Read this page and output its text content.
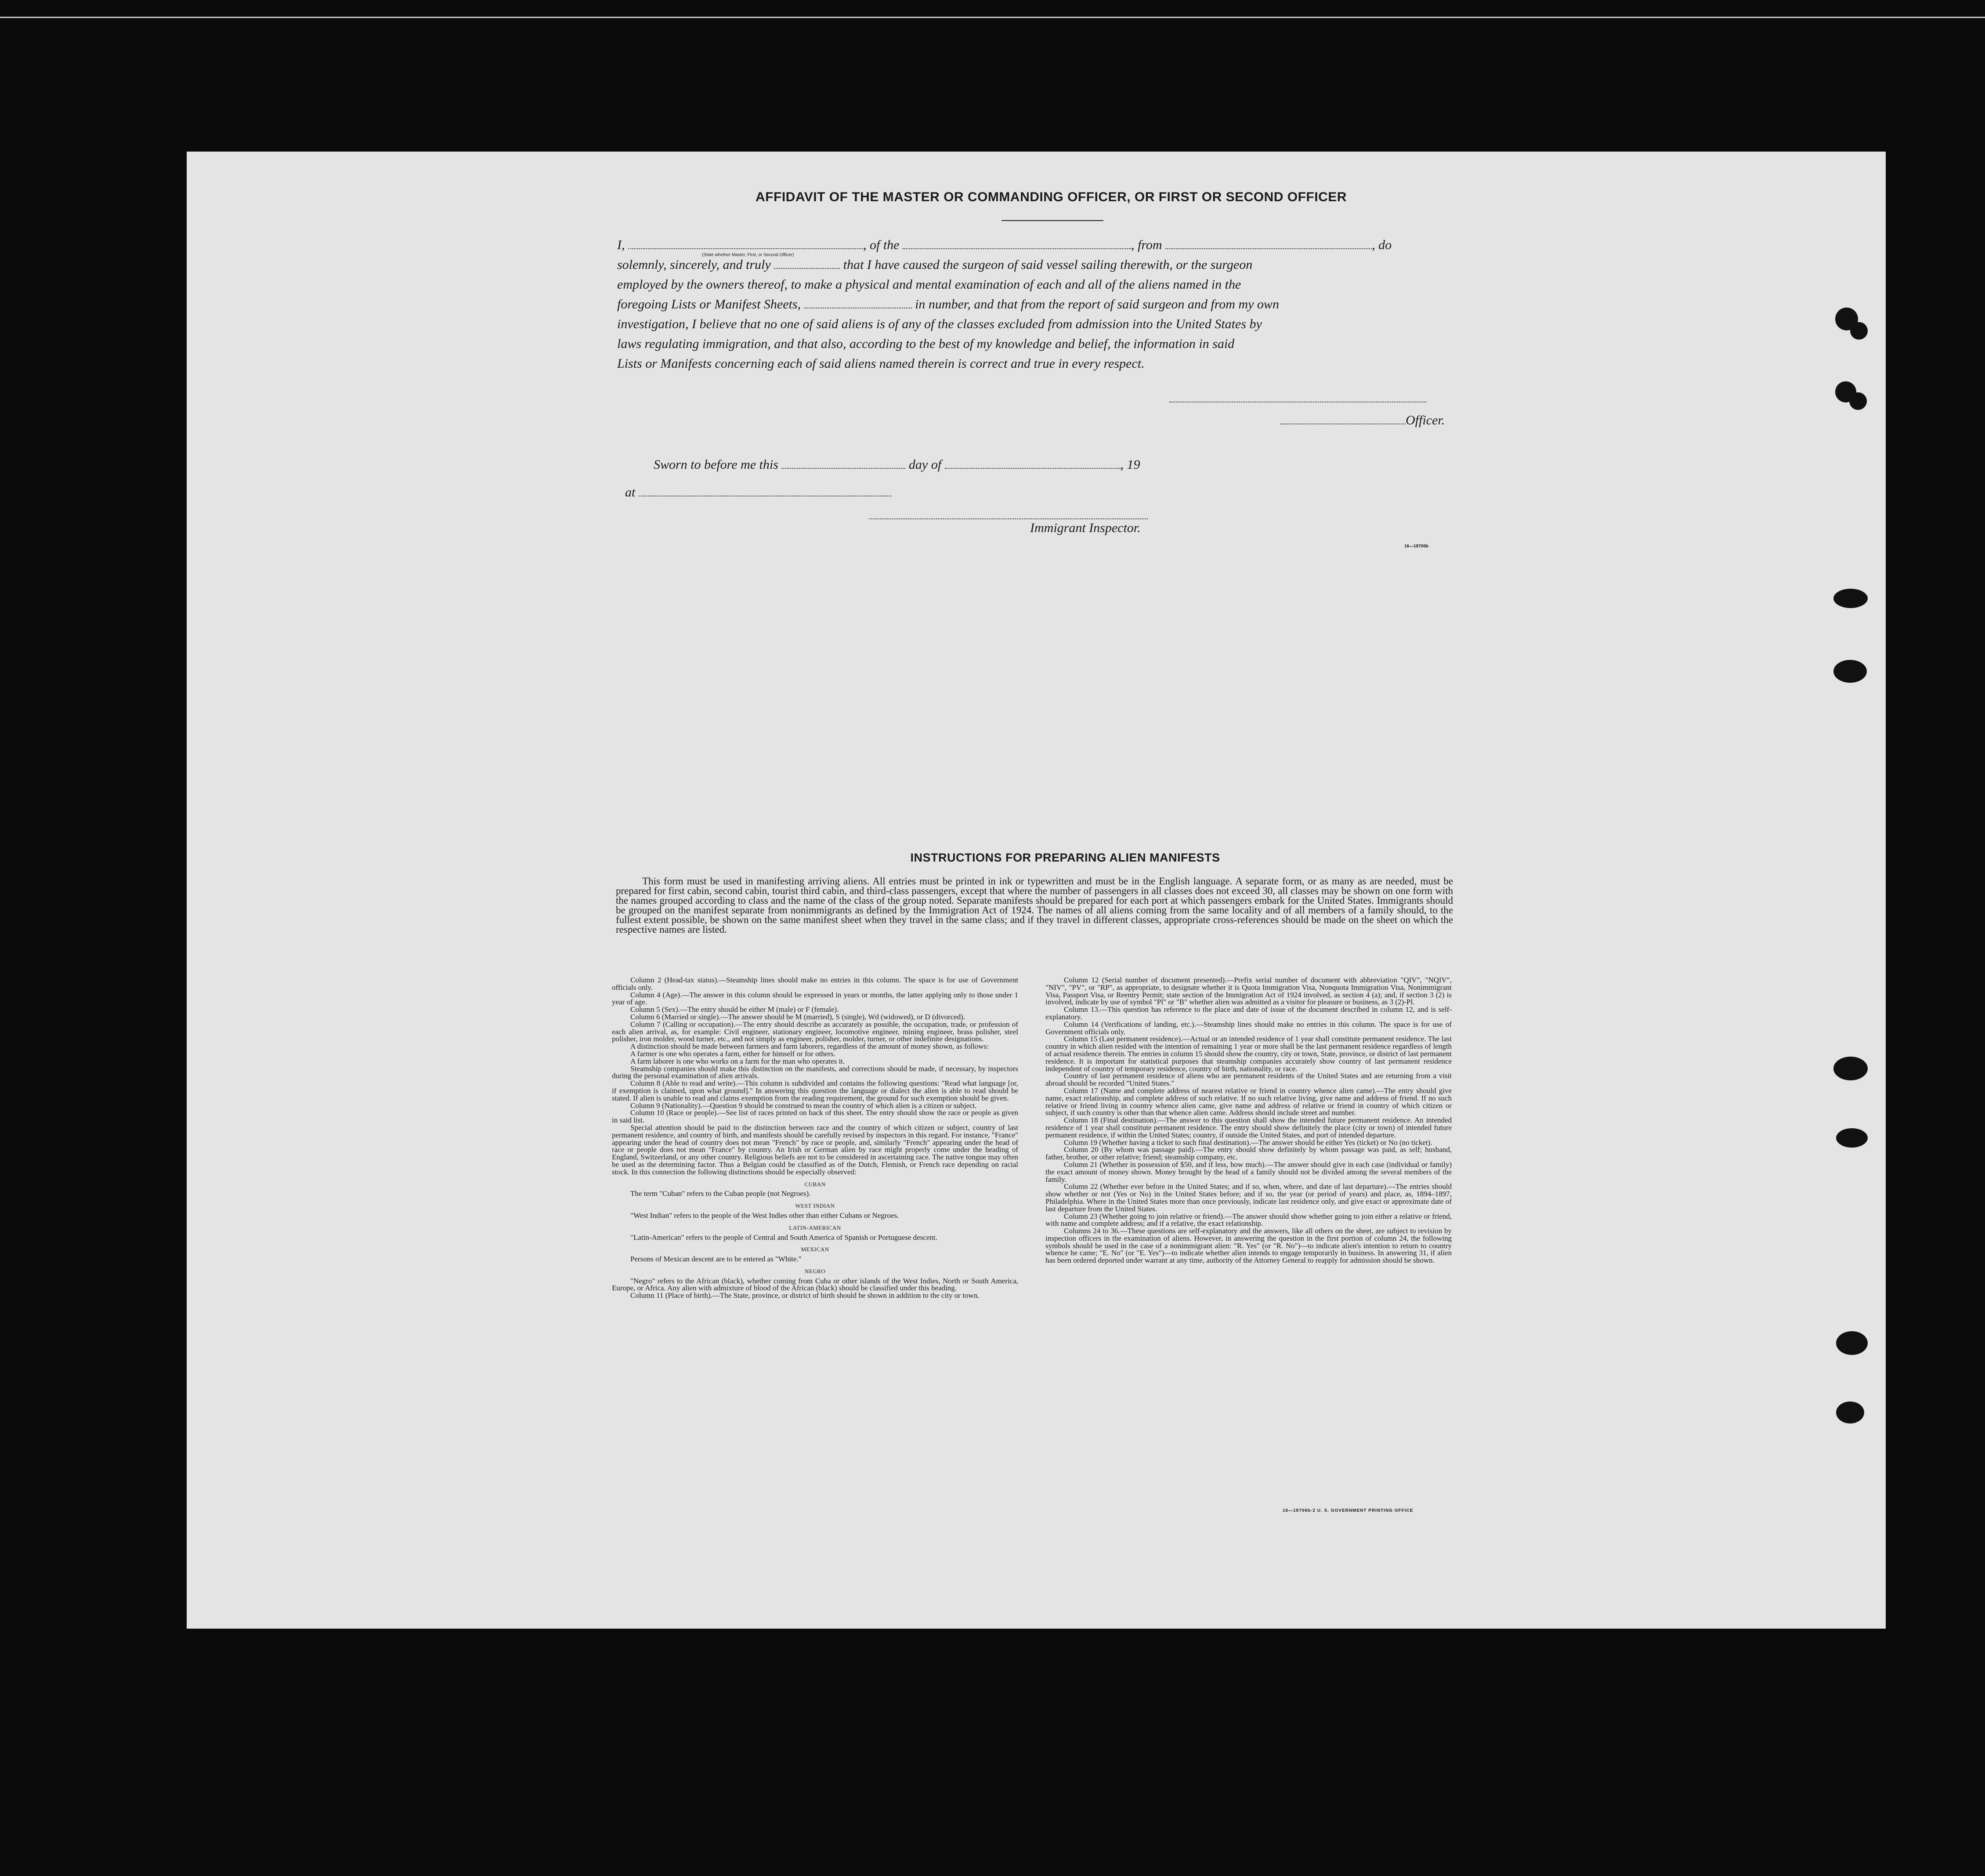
AFFIDAVIT OF THE MASTER OR COMMANDING OFFICER, OR FIRST OR SECOND OFFICER
I,	, of the	, from	, do
solemnly, sincerely, and truly	that I have caused the surgeon of said vessel sailing therewith, or the surgeon
employed by the owners thereof, to make a physical and mental examination of each and all of the aliens named in the
foregoing Lists or Manifest Sheets,	in number, and that from the report of said surgeon and from my own
investigation, I believe that no one of said aliens is of any of the classes excluded from admission into the United States by
laws regulating immigration, and that also, according to the best of my knowledge and belief, the information in said
Lists or Manifests concerning each of said aliens named therein is correct and true in every respect.
(State whether Master, First, or Second Officer)
Officer.

Sworn to before me this	day of	, 19

at

Immigrant Inspector.
16—18706b
INSTRUCTIONS FOR PREPARING ALIEN MANIFESTS
This form must be used in manifesting arriving aliens. All entries must be printed in ink or typewritten and must be in the English language. A separate form, or as many as are needed, must be prepared for first cabin, second cabin, tourist third cabin, and third-class passengers, except that where the number of passengers in all classes does not exceed 30, all classes may be shown on one form with the names grouped according to class and the name of the class of the group noted. Separate manifests should be prepared for each port at which passengers embark for the United States. Immigrants should be grouped on the manifest separate from nonimmigrants as defined by the Immigration Act of 1924. The names of all aliens coming from the same locality and of all members of a family should, to the fullest extent possible, be shown on the same manifest sheet when they travel in the same class; and if they travel in different classes, appropriate cross-references should be made on the sheet on which the respective names are listed.

Column 2 (Head-tax status).—Steamship lines should make no entries in this column. The space is for use of Government officials only.

Column 4 (Age).—The answer in this column should be expressed in years or months, the latter applying only to those under 1 year of age.

Column 5 (Sex).—The entry should be either M (male) or F (female).

Column 6 (Married or single).—The answer should be M (married), S (single), Wd (widowed), or D (divorced).

Column 7 (Calling or occupation).—The entry should describe as accurately as possible, the occupation, trade, or profession of each alien arrival, as, for example: Civil engineer, stationary engineer, locomotive engineer, mining engineer, brass polisher, steel polisher, iron molder, wood turner, etc., and not simply as engineer, polisher, molder, turner, or other indefinite designations.

A distinction should be made between farmers and farm laborers, regardless of the amount of money shown, as follows:

A farmer is one who operates a farm, either for himself or for others.

A farm laborer is one who works on a farm for the man who operates it.

Steamship companies should make this distinction on the manifests, and corrections should be made, if necessary, by inspectors during the personal examination of alien arrivals.

Column 8 (Able to read and write).—This column is subdivided and contains the following questions: "Read what language [or, if exemption is claimed, upon what ground]." In answering this question the language or dialect the alien is able to read should be stated. If alien is unable to read and claims exemption from the reading requirement, the ground for such exemption should be given.

Column 9 (Nationality).—Question 9 should be construed to mean the country of which alien is a citizen or subject.

Column 10 (Race or people).—See list of races printed on back of this sheet. The entry should show the race or people as given in said list.

Special attention should be paid to the distinction between race and the country of which citizen or subject, country of last permanent residence, and country of birth, and manifests should be carefully revised by inspectors in this regard. For instance, "France" appearing under the head of country does not mean "French" by race or people, and, similarly "French" appearing under the head of race or people does not mean "France" by country. An Irish or German alien by race might properly come under the heading of England, Switzerland, or any other country. Religious beliefs are not to be considered in ascertaining race. The native tongue may often be used as the determining factor. Thus a Belgian could be classified as of the Dutch, Flemish, or French race depending on racial stock. In this connection the following distinctions should be especially observed:

CUBAN

The term "Cuban" refers to the Cuban people (not Negroes).

WEST INDIAN

"West Indian" refers to the people of the West Indies other than either Cubans or Negroes.

LATIN-AMERICAN

"Latin-American" refers to the people of Central and South America of Spanish or Portuguese descent.

MEXICAN

Persons of Mexican descent are to be entered as "White."

NEGRO

"Negro" refers to the African (black), whether coming from Cuba or other islands of the West Indies, North or South America, Europe, or Africa. Any alien with admixture of blood of the African (black) should be classified under this heading.

Column 11 (Place of birth).—The State, province, or district of birth should be shown in addition to the city or town.

Column 12 (Serial number of document presented).—Prefix serial number of document with abbreviation "QIV", "NQIV", "NIV", "PV", or "RP", as appropriate, to designate whether it is Quota Immigration Visa, Nonquota Immigration Visa, Nonimmigrant Visa, Passport Visa, or Reentry Permit; state section of the Immigration Act of 1924 involved, as section 4 (a); and, if section 3 (2) is involved, indicate by use of symbol "Pl" or "B" whether alien was admitted as a visitor for pleasure or business, as 3 (2)-Pl.

Column 13.—This question has reference to the place and date of issue of the document described in column 12, and is self-explanatory.

Column 14 (Verifications of landing, etc.).—Steamship lines should make no entries in this column. The space is for use of Government officials only.

Column 15 (Last permanent residence).—Actual or an intended residence of 1 year shall constitute permanent residence. The last country in which alien resided with the intention of remaining 1 year or more shall be the last permanent residence regardless of length of actual residence therein. The entries in column 15 should show the country, city or town, State, province, or district of last permanent residence. It is important for statistical purposes that steamship companies accurately show country of last permanent residence independent of country of temporary residence, country of birth, nationality, or race.

Country of last permanent residence of aliens who are permanent residents of the United States and are returning from a visit abroad should be recorded "United States."

Column 17 (Name and complete address of nearest relative or friend in country whence alien came).—The entry should give name, exact relationship, and complete address of such relative. If no such relative living, give name and address of friend. If no such relative or friend living in country whence alien came, give name and address of relative or friend in country of which citizen or subject, if such country is other than that whence alien came. Address should include street and number.

Column 18 (Final destination).—The answer to this question shall show the intended future permanent residence. An intended residence of 1 year shall constitute permanent residence. The entry should show definitely the place (city or town) of intended future permanent residence, if within the United States; country, if outside the United States, and port of intended departure.

Column 19 (Whether having a ticket to such final destination).—The answer should be either Yes (ticket) or No (no ticket).

Column 20 (By whom was passage paid).—The entry should show definitely by whom passage was paid, as self; husband, father, brother, or other relative; friend; steamship company, etc.

Column 21 (Whether in possession of $50, and if less, how much).—The answer should give in each case (individual or family) the exact amount of money shown. Money brought by the head of a family should not be divided among the several members of the family.

Column 22 (Whether ever before in the United States; and if so, when, where, and date of last departure).—The entries should show whether or not (Yes or No) in the United States before; and if so, the year (or period of years) and place, as, 1894–1897, Philadelphia. Where in the United States more than once previously, indicate last residence only, and give exact or approximate date of last departure from the United States.

Column 23 (Whether going to join relative or friend).—The answer should show whether going to join either a relative or friend, with name and complete address; and if a relative, the exact relationship.

Columns 24 to 36.—These questions are self-explanatory and the answers, like all others on the sheet, are subject to revision by inspection officers in the examination of aliens. However, in answering the question in the first portion of column 24, the following symbols should be used in the case of a nonimmigrant alien: "R. Yes" (or "R. No")—to indicate alien's intention to return to country whence he came; "E. No" (or "E. Yes")—to indicate whether alien intends to engage temporarily in business. In answering 31, if alien has been ordered deported under warrant at any time, authority of the Attorney General to reapply for admission should be shown.

16—18706b-2 U. S. GOVERNMENT PRINTING OFFICE
